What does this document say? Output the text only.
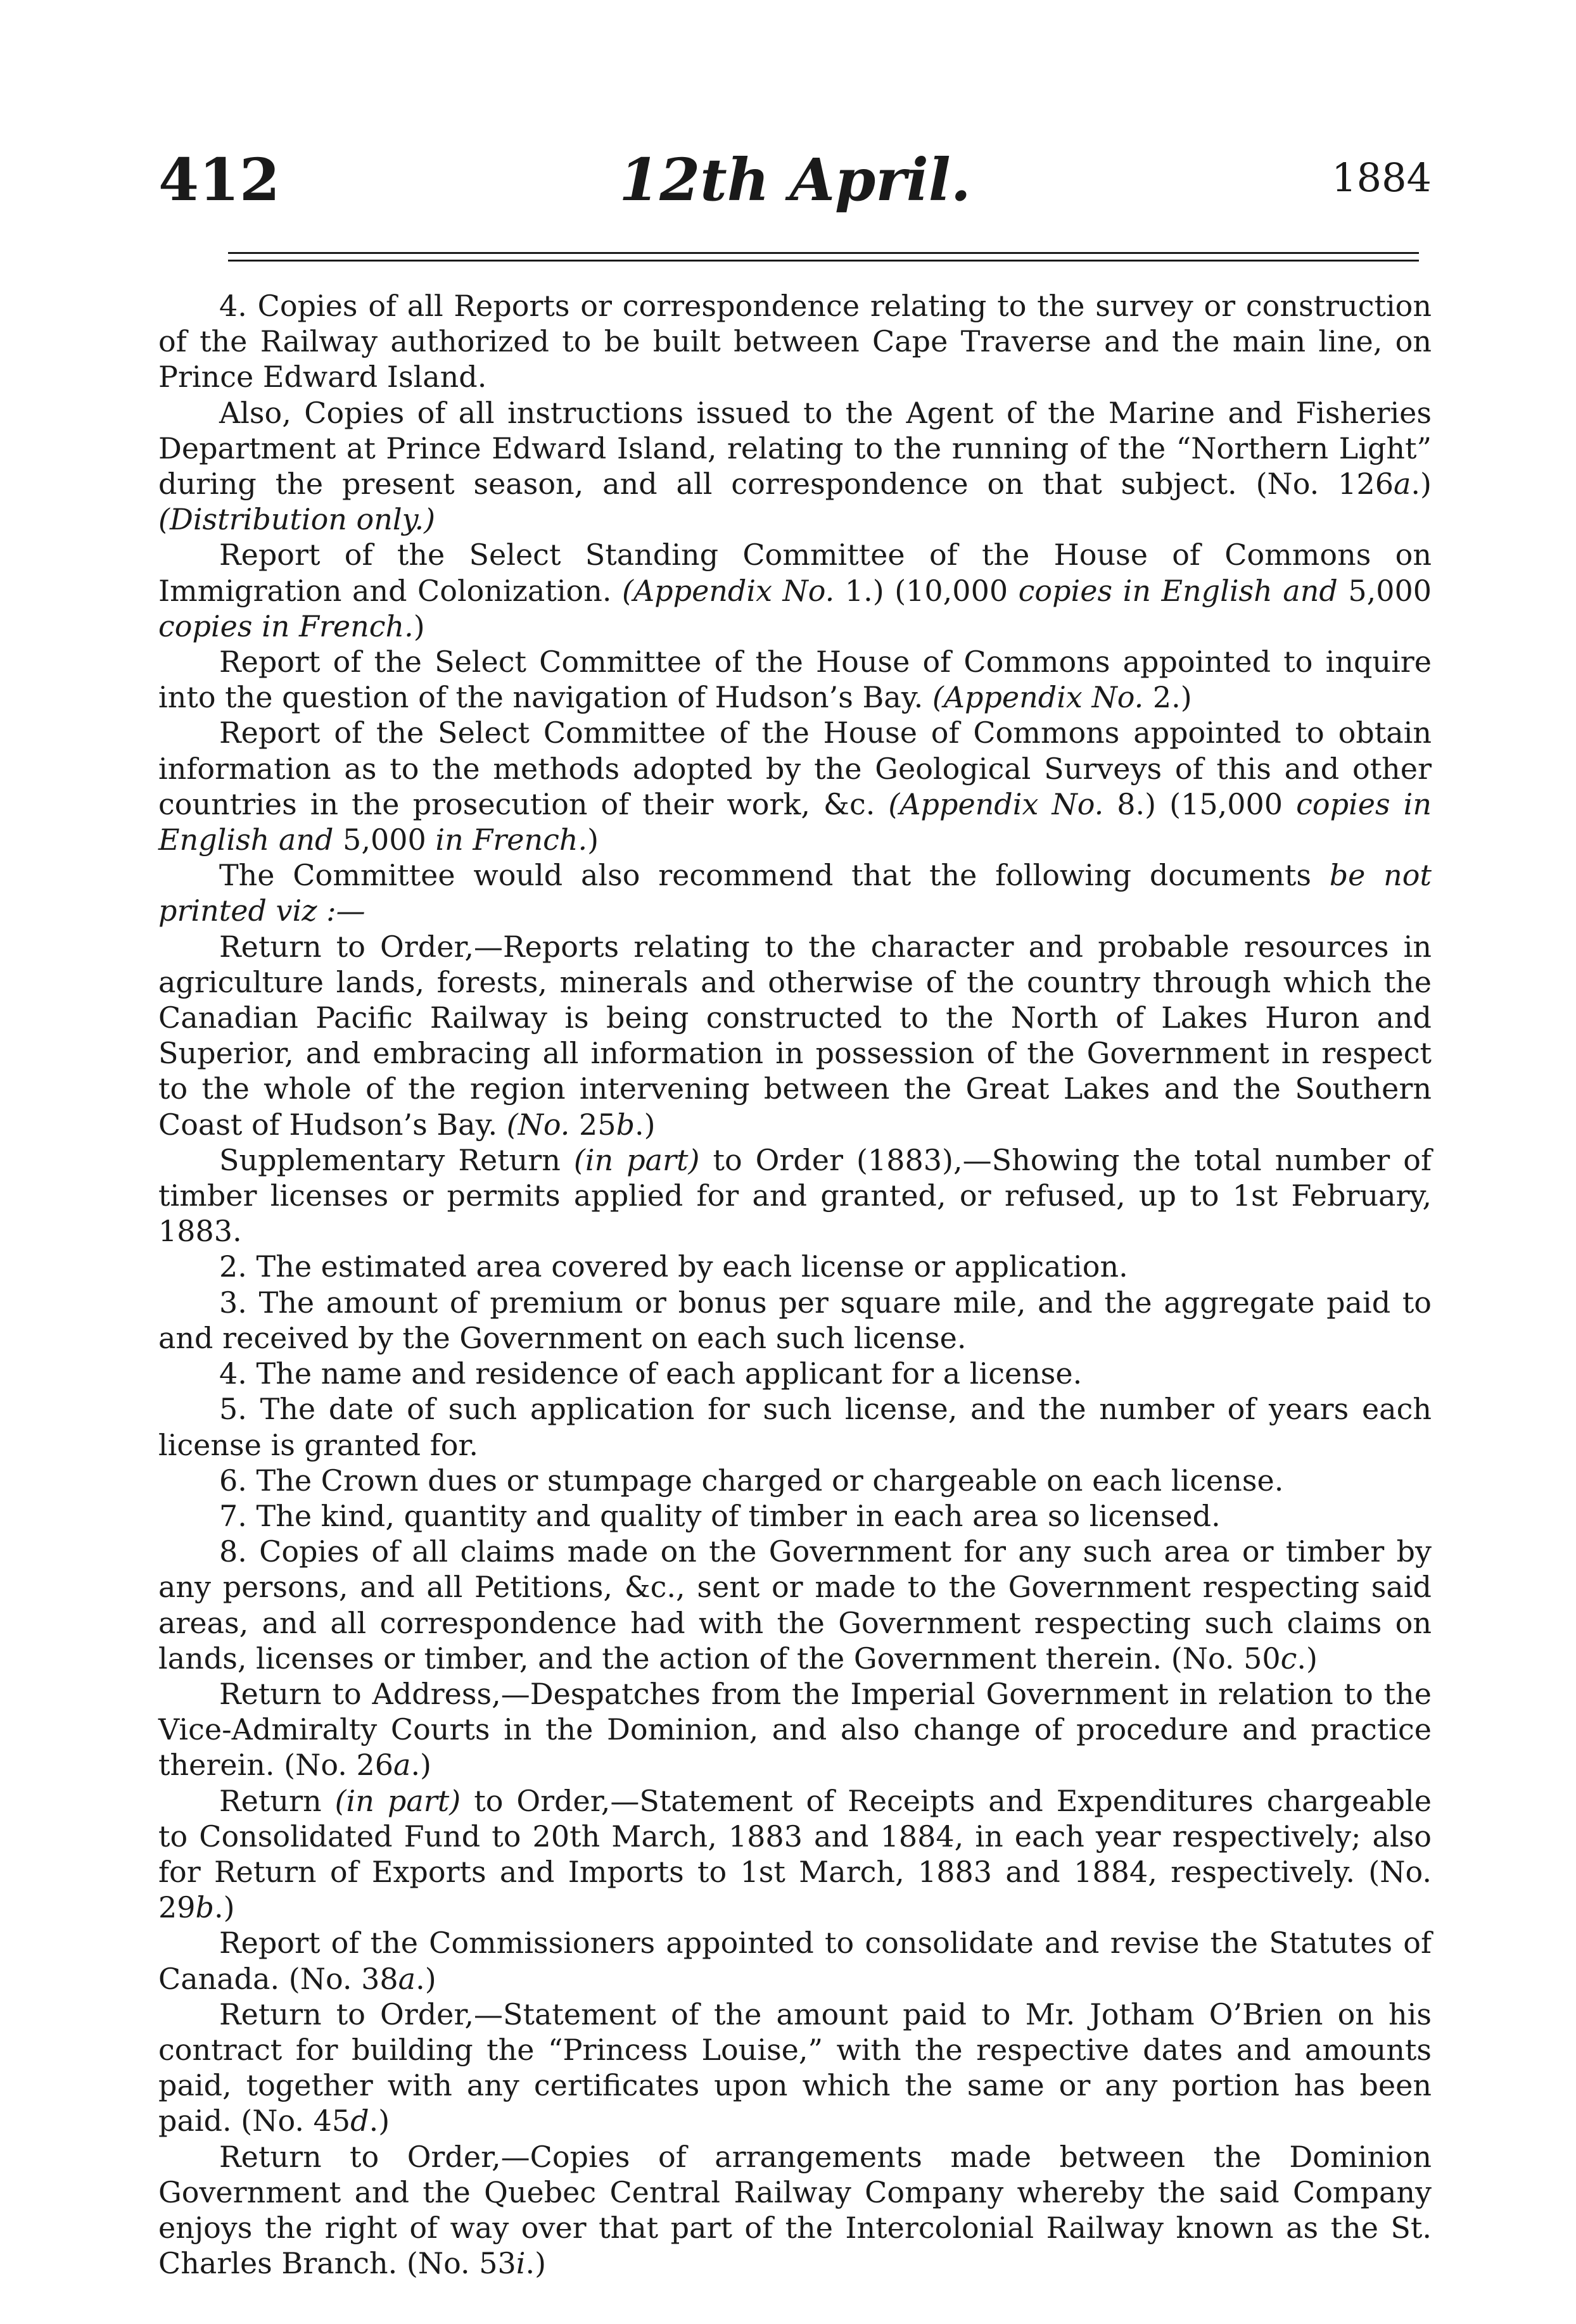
412	12th April.	1884

4. Copies of all Reports or correspondence relating to the survey or construction of the Railway authorized to be built between Cape Traverse and the main line, on Prince Edward Island.

Also, Copies of all instructions issued to the Agent of the Marine and Fisheries Department at Prince Edward Island, relating to the running of the “Northern Light” during the present season, and all correspondence on that subject. (No. 126a.) (Distribution only.)

Report of the Select Standing Committee of the House of Commons on Immigration and Colonization. (Appendix No. 1.) (10,000 copies in English and 5,000 copies in French.)

Report of the Select Committee of the House of Commons appointed to inquire into the question of the navigation of Hudson’s Bay. (Appendix No. 2.)

Report of the Select Committee of the House of Commons appointed to obtain information as to the methods adopted by the Geological Surveys of this and other countries in the prosecution of their work, &c. (Appendix No. 8.) (15,000 copies in English and 5,000 in French.)

The Committee would also recommend that the following documents be not printed viz :—

Return to Order,—Reports relating to the character and probable resources in agriculture lands, forests, minerals and otherwise of the country through which the Canadian Pacific Railway is being constructed to the North of Lakes Huron and Superior, and embracing all information in possession of the Government in respect to the whole of the region intervening between the Great Lakes and the Southern Coast of Hudson’s Bay. (No. 25b.)

Supplementary Return (in part) to Order (1883),—Showing the total number of timber licenses or permits applied for and granted, or refused, up to 1st February, 1883.

2. The estimated area covered by each license or application.

3. The amount of premium or bonus per square mile, and the aggregate paid to and received by the Government on each such license.

4. The name and residence of each applicant for a license.

5. The date of such application for such license, and the number of years each license is granted for.

6. The Crown dues or stumpage charged or chargeable on each license.

7. The kind, quantity and quality of timber in each area so licensed.

8. Copies of all claims made on the Government for any such area or timber by any persons, and all Petitions, &c., sent or made to the Government respecting said areas, and all correspondence had with the Government respecting such claims on lands, licenses or timber, and the action of the Government therein. (No. 50c.)

Return to Address,—Despatches from the Imperial Government in relation to the Vice-Admiralty Courts in the Dominion, and also change of procedure and practice therein. (No. 26a.)

Return (in part) to Order,—Statement of Receipts and Expenditures chargeable to Consolidated Fund to 20th March, 1883 and 1884, in each year respectively; also for Return of Exports and Imports to 1st March, 1883 and 1884, respectively. (No. 29b.)

Report of the Commissioners appointed to consolidate and revise the Statutes of Canada. (No. 38a.)

Return to Order,—Statement of the amount paid to Mr. Jotham O’Brien on his contract for building the “Princess Louise,” with the respective dates and amounts paid, together with any certificates upon which the same or any portion has been paid. (No. 45d.)

Return to Order,—Copies of arrangements made between the Dominion Government and the Quebec Central Railway Company whereby the said Company enjoys the right of way over that part of the Intercolonial Railway known as the St. Charles Branch. (No. 53i.)
